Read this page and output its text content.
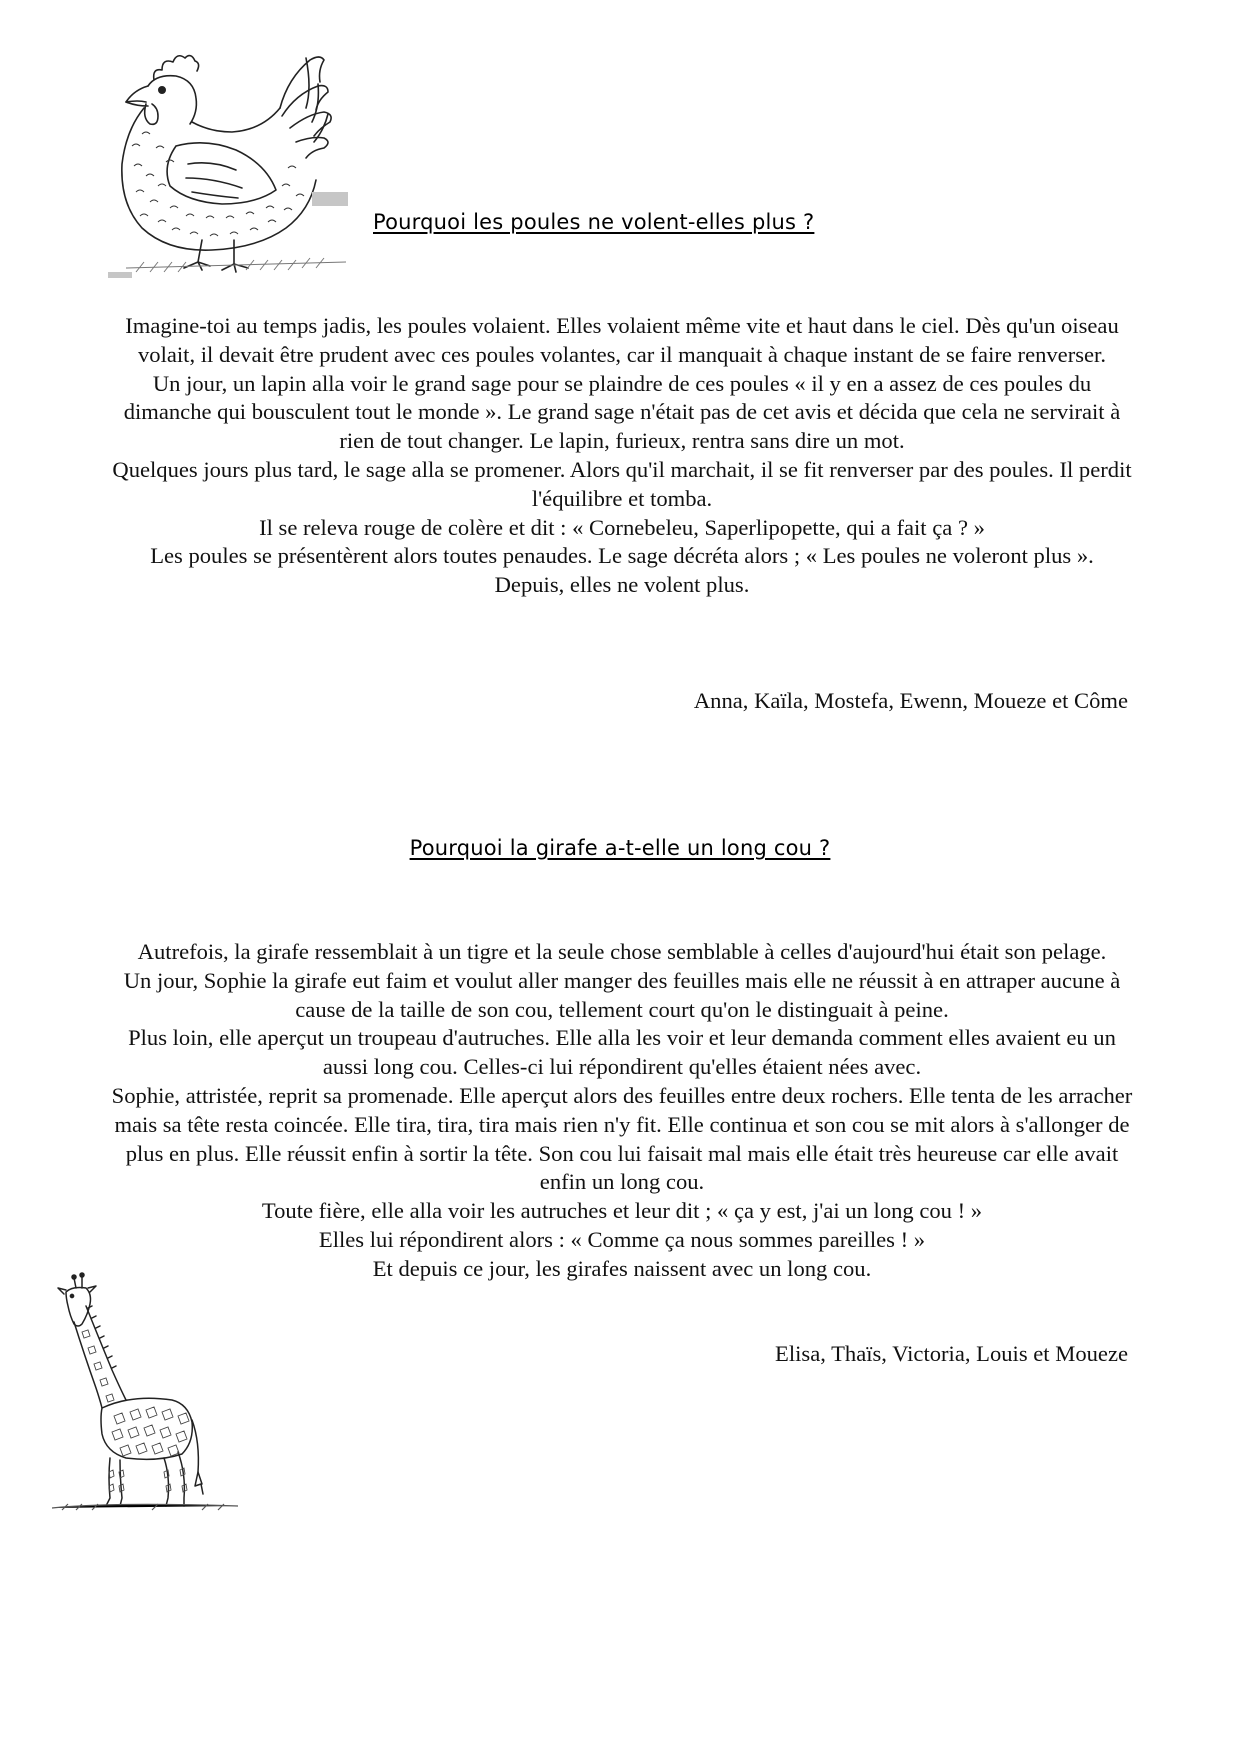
Pourquoi les poules ne volent-elles plus ?

Imagine-toi au temps jadis, les poules volaient. Elles volaient même vite et haut dans le ciel. Dès qu'un oiseau volait, il devait être prudent avec ces poules volantes, car il manquait à chaque instant de se faire renverser.

Un jour, un lapin alla voir le grand sage pour se plaindre de ces poules « il y en a assez de ces poules du dimanche qui bousculent tout le monde ». Le grand sage n'était pas de cet avis et décida que cela ne servirait à rien de tout changer. Le lapin, furieux, rentra sans dire un mot.

Quelques jours plus tard, le sage alla se promener. Alors qu'il marchait, il se fit renverser par des poules. Il perdit l'équilibre et tomba.

Il se releva rouge de colère et dit : « Cornebeleu, Saperlipopette, qui a fait ça ? »

Les poules se présentèrent alors toutes penaudes. Le sage décréta alors ; « Les poules ne voleront plus ».

Depuis, elles ne volent plus.

Anna, Kaïla, Mostefa, Ewenn, Moueze et Côme
Pourquoi la girafe a-t-elle un long cou ?

Autrefois, la girafe ressemblait à un tigre et la seule chose semblable à celles d'aujourd'hui était son pelage.

Un jour, Sophie la girafe eut faim et voulut aller manger des feuilles mais elle ne réussit à en attraper aucune à cause de la taille de son cou, tellement court qu'on le distinguait à peine.

Plus loin, elle aperçut un troupeau d'autruches. Elle alla les voir et leur demanda comment elles avaient eu un aussi long cou. Celles-ci lui répondirent qu'elles étaient nées avec.

Sophie, attristée, reprit sa promenade. Elle aperçut alors des feuilles entre deux rochers. Elle tenta de les arracher mais sa tête resta coincée. Elle tira, tira, tira mais rien n'y fit. Elle continua et son cou se mit alors à s'allonger de plus en plus. Elle réussit enfin à sortir la tête. Son cou lui faisait mal mais elle était très heureuse car elle avait enfin un long cou.

Toute fière, elle alla voir les autruches et leur dit ; « ça y est, j'ai un long cou ! »

Elles lui répondirent alors : « Comme ça nous sommes pareilles ! »

Et depuis ce jour, les girafes naissent avec un long cou.

Elisa, Thaïs, Victoria, Louis et Moueze
